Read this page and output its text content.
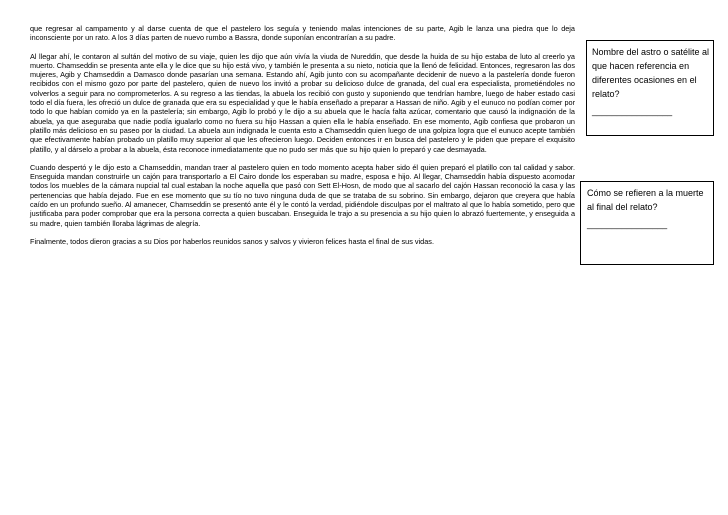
que regresar al campamento y al darse cuenta de que el pastelero los seguía y teniendo malas intenciones de su parte, Agib le lanza una piedra que lo deja inconsciente por un rato. A los 3 días parten de nuevo rumbo a Bassra, donde suponían encontrarían a su padre.

Al llegar ahí, le contaron al sultán del motivo de su viaje, quien les dijo que aún vivía la viuda de Nureddin, que desde la huida de su hijo estaba de luto al creerlo ya muerto. Chamseddin se presenta ante ella y le dice que su hijo está vivo, y también le presenta a su nieto, noticia que la llenó de felicidad. Entonces, regresaron las dos mujeres, Agib y Chamseddin a Damasco donde pasarían una semana. Estando ahí, Agib junto con su acompañante decidenir de nuevo a la pastelería donde fueron recibidos con el mismo gozo por parte del pastelero, quien de nuevo los invitó a probar su delicioso dulce de granada, del cual era especialista, prometiéndoles no volverlos a seguir para no comprometerlos. A su regreso a las tiendas, la abuela los recibió con gusto y suponiendo que tendrían hambre, luego de haber estado casi todo el día fuera, les ofreció un dulce de granada que era su especialidad y que le había enseñado a preparar a Hassan de niño. Agib y el eunuco no podían comer por todo lo que habían comido ya en la pastelería; sin embargo, Agib lo probó y le dijo a su abuela que le hacía falta azúcar, comentario que causó la indignación de la abuela, ya que aseguraba que nadie podía igualarlo como no fuera su hijo Hassan a quien ella le había enseñado. En ese momento, Agib confiesa que probaron un platillo más delicioso en su paseo por la ciudad. La abuela aun indignada le cuenta esto a Chamseddin quien luego de una golpiza logra que el eunuco acepte también que efectivamente habían probado un platillo muy superior al que les ofrecieron luego. Deciden entonces ir en busca del pastelero y le piden que prepare el exquisito platillo, y al dárselo a probar a la abuela, ésta reconoce inmediatamente que no pudo ser más que su hijo quien lo preparó y cae desmayada.

Cuando despertó y le dijo esto a Chamseddin, mandan traer al pastelero quien en todo momento acepta haber sido él quien preparó el platillo con tal calidad y sabor. Enseguida mandan construirle un cajón para transportarlo a El Cairo donde los esperaban su madre, esposa e hijo. Al llegar, Chamseddin había dispuesto acomodar todos los muebles de la cámara nupcial tal cual estaban la noche aquella que pasó con Sett El-Hosn, de modo que al sacarlo del cajón Hassan reconoció la casa y las pertenencias que había dejado. Fue en ese momento que su tío no tuvo ninguna duda de que se trataba de su sobrino. Sin embargo, dejaron que creyera que había caído en un profundo sueño. Al amanecer, Chamseddin se presentó ante él y le contó la verdad, pidiéndole disculpas por el maltrato al que lo había sometido, pero que justificaba para poder comprobar que era la persona correcta a quien buscaban. Enseguida le trajo a su presencia a su hijo quien lo abrazó fuertemente, y enseguida a su madre, quien también lloraba lágrimas de alegría.

Finalmente, todos dieron gracias a su Dios por haberlos reunidos sanos y salvos y vivieron felices hasta el final de sus vidas.

Nombre del astro o satélite al que hacen referencia en diferentes ocasiones en el relato?
________________
Cómo se refieren a la muerte al final del relato?
________________
